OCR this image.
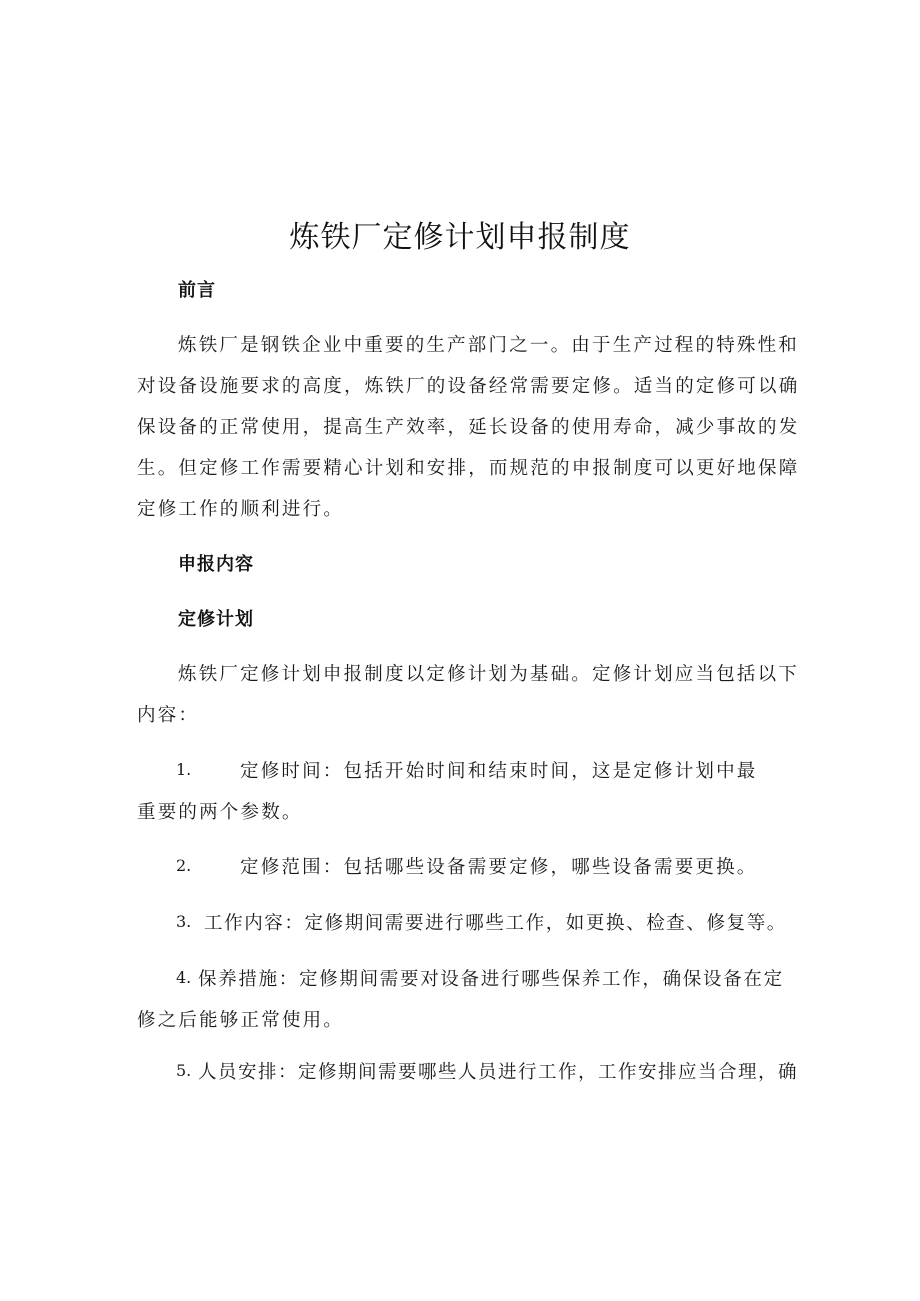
炼铁厂定修计划申报制度
前言
炼铁厂是钢铁企业中重要的生产部门之一。由于生产过程的特殊性和
对设备设施要求的高度，炼铁厂的设备经常需要定修。适当的定修可以确
保设备的正常使用，提高生产效率，延长设备的使用寿命，减少事故的发
生。但定修工作需要精心计划和安排，而规范的申报制度可以更好地保障
定修工作的顺利进行。
申报内容
定修计划
炼铁厂定修计划申报制度以定修计划为基础。定修计划应当包括以下
内容：
1.	定修时间：包括开始时间和结束时间，这是定修计划中最
重要的两个参数。
2.	定修范围：包括哪些设备需要定修，哪些设备需要更换。
3. 工作内容：定修期间需要进行哪些工作，如更换、检查、修复等。
4. 保养措施：定修期间需要对设备进行哪些保养工作，确保设备在定
修之后能够正常使用。
5. 人员安排：定修期间需要哪些人员进行工作，工作安排应当合理，确
